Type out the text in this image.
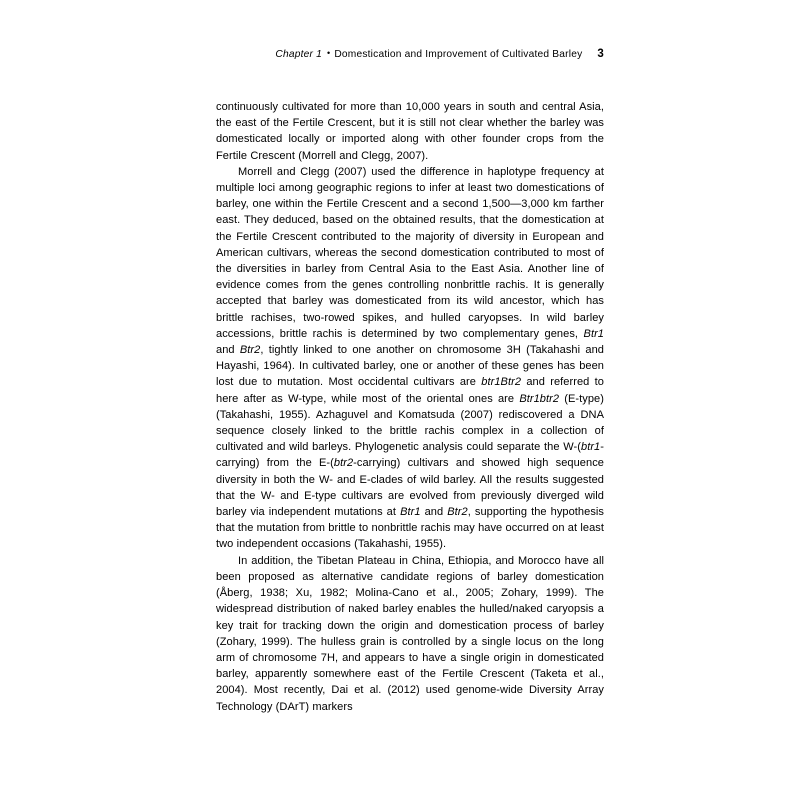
Chapter 1 • Domestication and Improvement of Cultivated Barley 3

continuously cultivated for more than 10,000 years in south and central Asia, the east of the Fertile Crescent, but it is still not clear whether the barley was domesticated locally or imported along with other founder crops from the Fertile Crescent (Morrell and Clegg, 2007).

Morrell and Clegg (2007) used the difference in haplotype frequency at multiple loci among geographic regions to infer at least two domestications of barley, one within the Fertile Crescent and a second 1,500—3,000 km farther east. They deduced, based on the obtained results, that the domestication at the Fertile Crescent contributed to the majority of diversity in European and American cultivars, whereas the second domestication contributed to most of the diversities in barley from Central Asia to the East Asia. Another line of evidence comes from the genes controlling nonbrittle rachis. It is generally accepted that barley was domesticated from its wild ancestor, which has brittle rachises, two-rowed spikes, and hulled caryopses. In wild barley accessions, brittle rachis is determined by two complementary genes, Btr1 and Btr2, tightly linked to one another on chromosome 3H (Takahashi and Hayashi, 1964). In cultivated barley, one or another of these genes has been lost due to mutation. Most occidental cultivars are btr1Btr2 and referred to here after as W-type, while most of the oriental ones are Btr1btr2 (E-type) (Takahashi, 1955). Azhaguvel and Komatsuda (2007) rediscovered a DNA sequence closely linked to the brittle rachis complex in a collection of cultivated and wild barleys. Phylogenetic analysis could separate the W-(btr1-carrying) from the E-(btr2-carrying) cultivars and showed high sequence diversity in both the W- and E-clades of wild barley. All the results suggested that the W- and E-type cultivars are evolved from previously diverged wild barley via independent mutations at Btr1 and Btr2, supporting the hypothesis that the mutation from brittle to nonbrittle rachis may have occurred on at least two independent occasions (Takahashi, 1955).

In addition, the Tibetan Plateau in China, Ethiopia, and Morocco have all been proposed as alternative candidate regions of barley domestication (Åberg, 1938; Xu, 1982; Molina-Cano et al., 2005; Zohary, 1999). The widespread distribution of naked barley enables the hulled/naked caryopsis a key trait for tracking down the origin and domestication process of barley (Zohary, 1999). The hulless grain is controlled by a single locus on the long arm of chromosome 7H, and appears to have a single origin in domesticated barley, apparently somewhere east of the Fertile Crescent (Taketa et al., 2004). Most recently, Dai et al. (2012) used genome-wide Diversity Array Technology (DArT) markers
